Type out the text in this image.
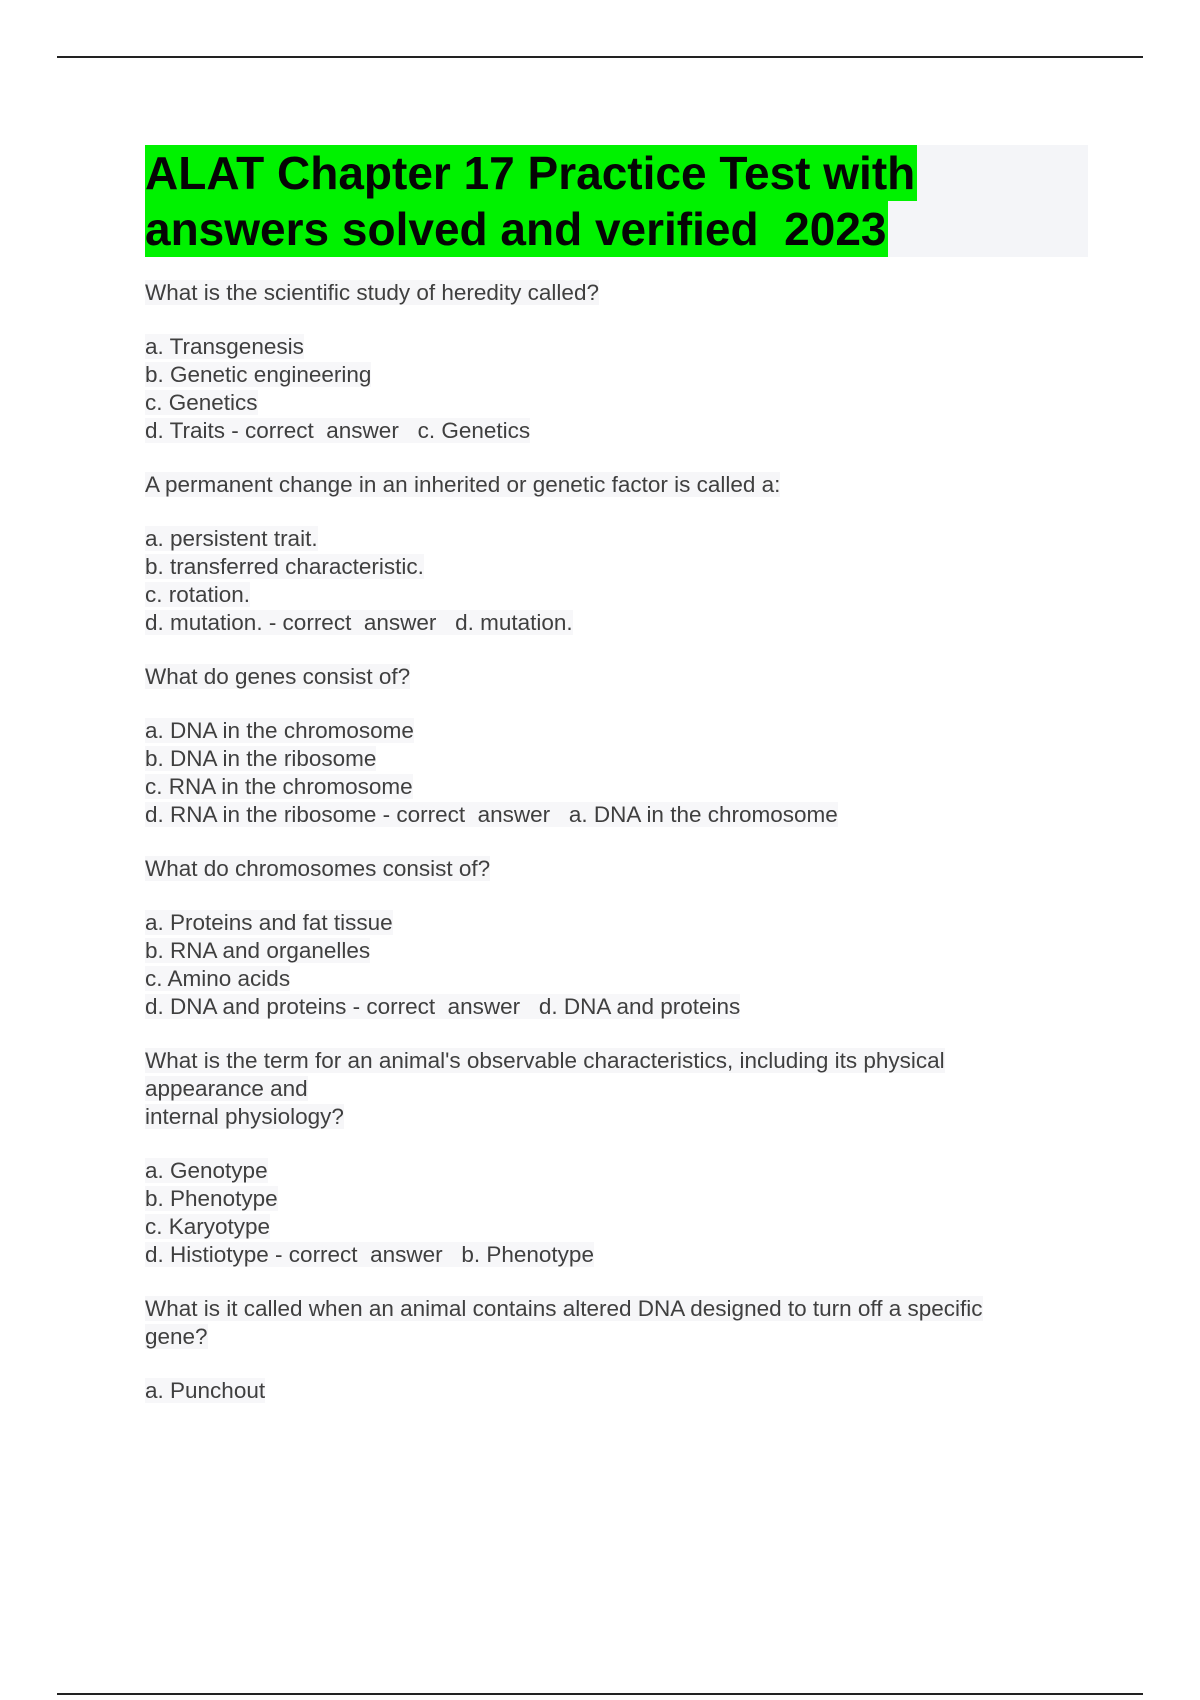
ALAT Chapter 17 Practice Test with
answers solved and verified  2023
What is the scientific study of heredity called?
a. Transgenesis
b. Genetic engineering
c. Genetics
d. Traits - correct  answer   c. Genetics
A permanent change in an inherited or genetic factor is called a:
a. persistent trait.
b. transferred characteristic.
c. rotation.
d. mutation. - correct  answer   d. mutation.
What do genes consist of?
a. DNA in the chromosome
b. DNA in the ribosome
c. RNA in the chromosome
d. RNA in the ribosome - correct  answer   a. DNA in the chromosome
What do chromosomes consist of?
a. Proteins and fat tissue
b. RNA and organelles
c. Amino acids
d. DNA and proteins - correct  answer   d. DNA and proteins
What is the term for an animal's observable characteristics, including its physical
appearance and
internal physiology?
a. Genotype
b. Phenotype
c. Karyotype
d. Histiotype - correct  answer   b. Phenotype
What is it called when an animal contains altered DNA designed to turn off a specific
gene?
a. Punchout
